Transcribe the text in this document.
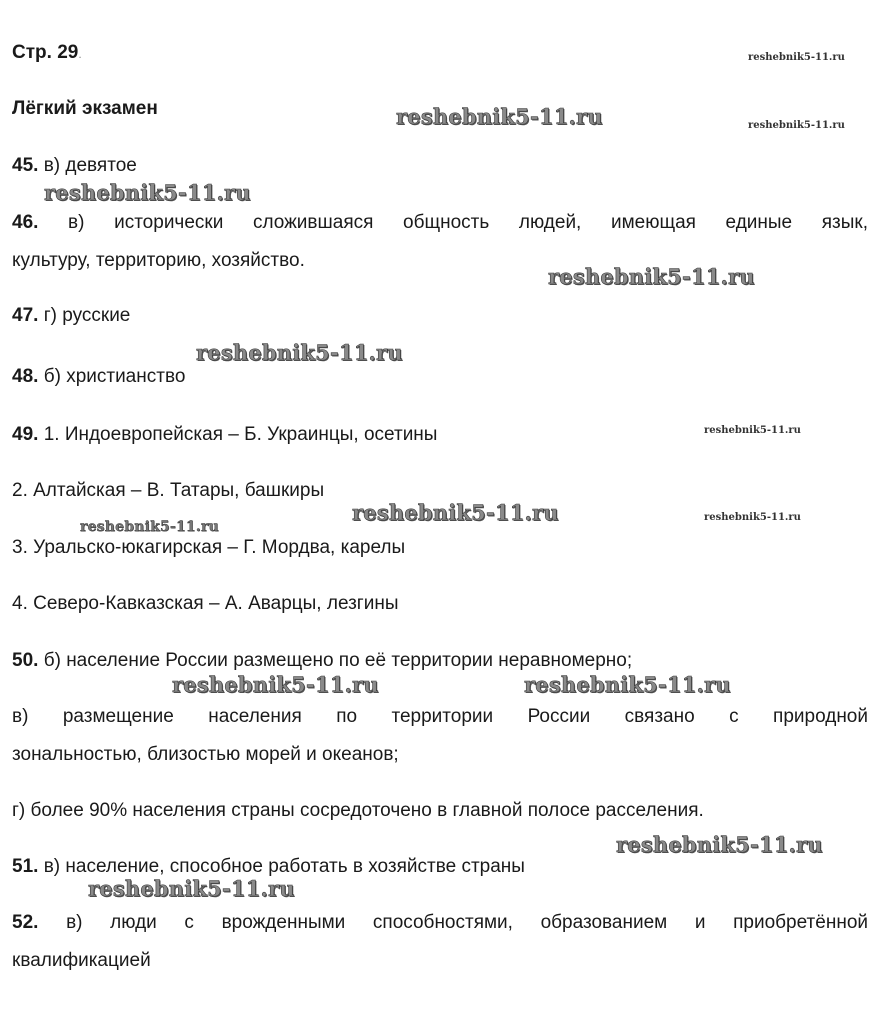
Стр. 29.
Лёгкий экзамен
45. в) девятое
46. в) исторически сложившаяся общность людей, имеющая единые язык,
культуру, территорию, хозяйство.
47. г) русские
48. б) христианство
49. 1. Индоевропейская – Б. Украинцы, осетины
2. Алтайская – В. Татары, башкиры
3. Уральско-юкагирская – Г. Мордва, карелы
4. Северо-Кавказская – А. Аварцы, лезгины
50. б) население России размещено по её территории неравномерно;
в) размещение населения по территории России связано с природной
зональностью, близостью морей и океанов;
г) более 90% населения страны сосредоточено в главной полосе расселения.
51. в) население, способное работать в хозяйстве страны
52. в) люди с врожденными способностями, образованием и приобретённой
квалификацией
reshebnik5-11.ru
reshebnik5-11.ru
reshebnik5-11.ru
reshebnik5-11.ru
reshebnik5-11.ru
reshebnik5-11.ru
reshebnik5-11.ru
reshebnik5-11.ru
reshebnik5-11.ru
reshebnik5-11.ru
reshebnik5-11.ru	reshebnik5-11.ru
reshebnik5-11.ru
reshebnik5-11.ru
